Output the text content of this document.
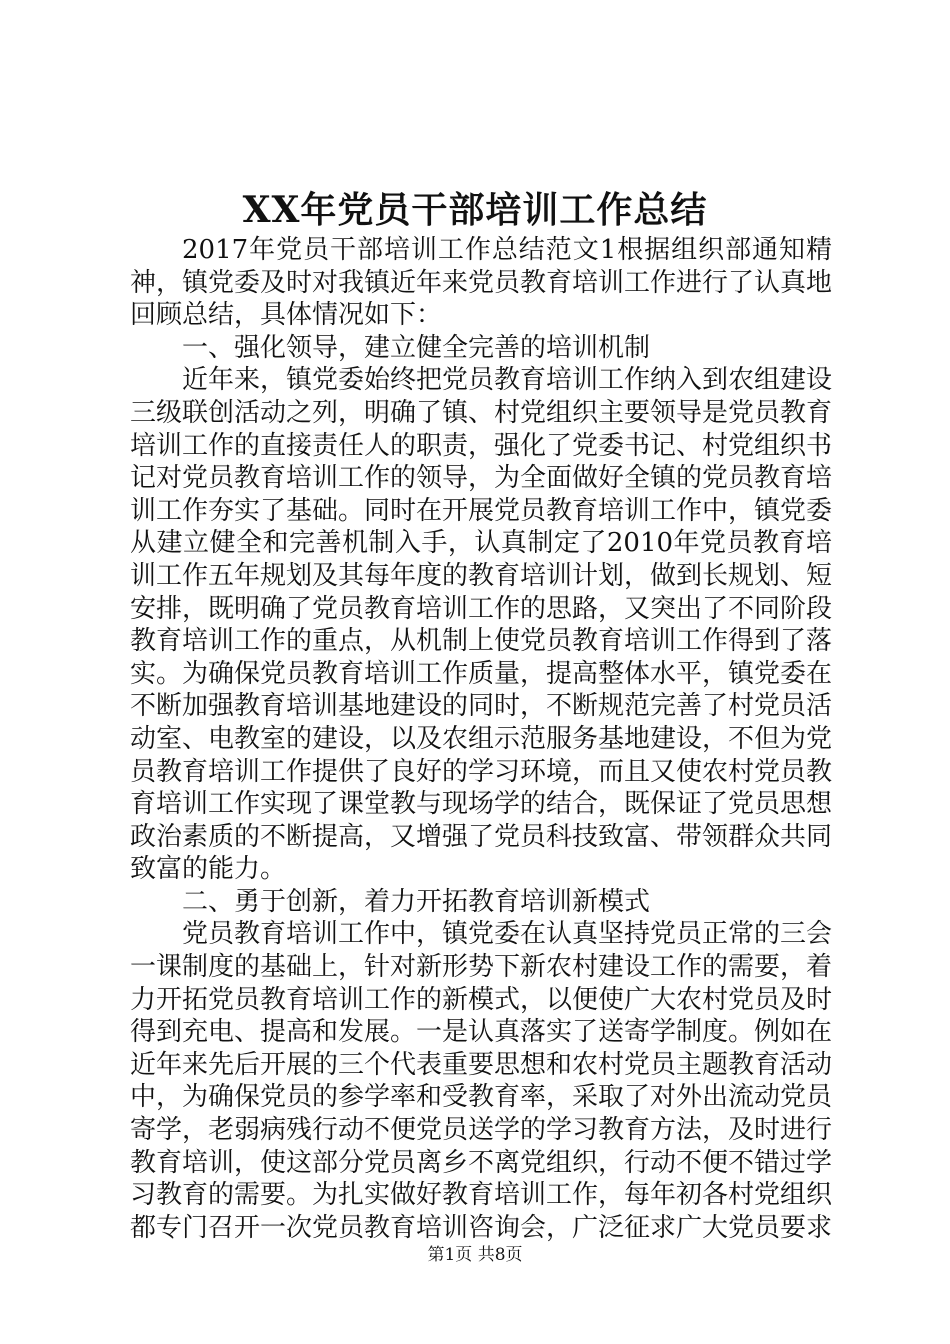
XX年党员干部培训工作总结

2017年党员干部培训工作总结范文1根据组织部通知精神，镇党委及时对我镇近年来党员教育培训工作进行了认真地回顾总结，具体情况如下：

一、强化领导，建立健全完善的培训机制

近年来，镇党委始终把党员教育培训工作纳入到农组建设三级联创活动之列，明确了镇、村党组织主要领导是党员教育培训工作的直接责任人的职责，强化了党委书记、村党组织书记对党员教育培训工作的领导，为全面做好全镇的党员教育培训工作夯实了基础。同时在开展党员教育培训工作中，镇党委从建立健全和完善机制入手，认真制定了2010年党员教育培训工作五年规划及其每年度的教育培训计划，做到长规划、短安排，既明确了党员教育培训工作的思路，又突出了不同阶段教育培训工作的重点，从机制上使党员教育培训工作得到了落实。为确保党员教育培训工作质量，提高整体水平，镇党委在不断加强教育培训基地建设的同时，不断规范完善了村党员活动室、电教室的建设，以及农组示范服务基地建设，不但为党员教育培训工作提供了良好的学习环境，而且又使农村党员教育培训工作实现了课堂教与现场学的结合，既保证了党员思想政治素质的不断提高，又增强了党员科技致富、带领群众共同致富的能力。

二、勇于创新，着力开拓教育培训新模式

党员教育培训工作中，镇党委在认真坚持党员正常的三会一课制度的基础上，针对新形势下新农村建设工作的需要，着力开拓党员教育培训工作的新模式，以便使广大农村党员及时得到充电、提高和发展。一是认真落实了送寄学制度。例如在近年来先后开展的三个代表重要思想和农村党员主题教育活动中，为确保党员的参学率和受教育率，采取了对外出流动党员寄学，老弱病残行动不便党员送学的学习教育方法，及时进行教育培训，使这部分党员离乡不离党组织，行动不便不错过学习教育的需要。为扎实做好教育培训工作，每年初各村党组织都专门召开一次党员教育培训咨询会，广泛征求广大党员要求

第1页 共8页
